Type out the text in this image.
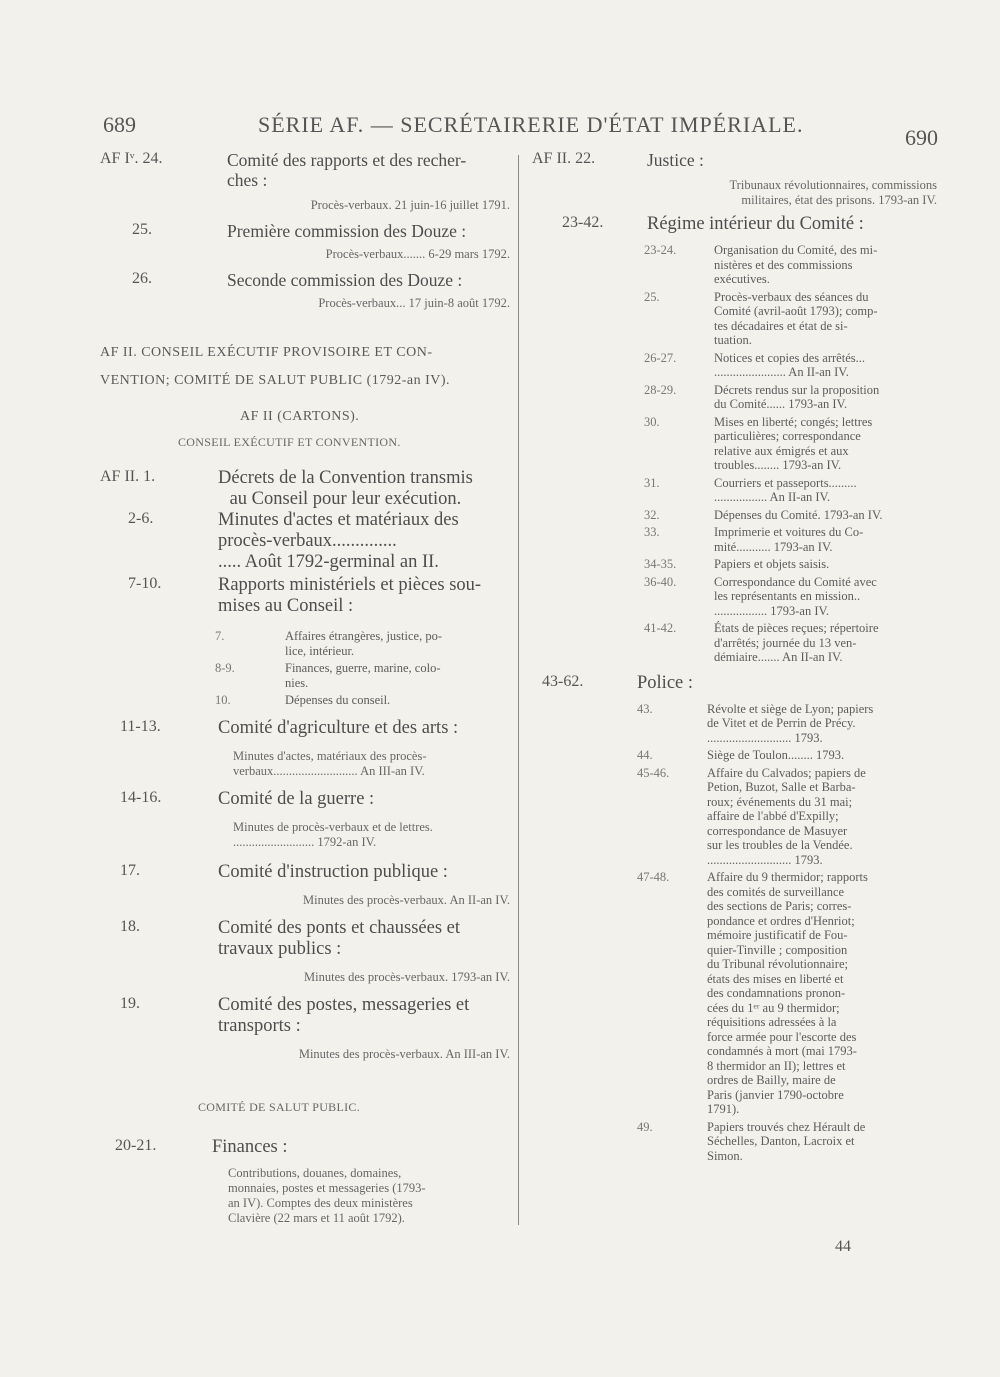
689	SÉRIE AF. — SECRÉTAIRERIE D'ÉTAT IMPÉRIALE.
690
AF Iᵛ. 24.	Comité des rapports et des recher-
ches :
Procès-verbaux. 21 juin-16 juillet 1791.
25.	Première commission des Douze :
Procès-verbaux....... 6-29 mars 1792.
26.	Seconde commission des Douze :
Procès-verbaux... 17 juin-8 août 1792.
AF II. CONSEIL EXÉCUTIF PROVISOIRE ET CON-
VENTION; COMITÉ DE SALUT PUBLIC (1792-an IV).
AF II (CARTONS).
CONSEIL EXÉCUTIF ET CONVENTION.
AF II. 1.	Décrets de la Convention transmis
au Conseil pour leur exécution.
2-6.	Minutes d'actes et matériaux des
procès-verbaux..............
..... Août 1792-germinal an II.
7-10.	Rapports ministériels et pièces sou-
mises au Conseil :
7.	Affaires étrangères, justice, po-
lice, intérieur.
8-9.	Finances, guerre, marine, colo-
nies.
10.	Dépenses du conseil.
11-13.	Comité d'agriculture et des arts :
Minutes d'actes, matériaux des procès-
verbaux........................... An III-an IV.
14-16.	Comité de la guerre :
Minutes de procès-verbaux et de lettres.
.......................... 1792-an IV.
17.	Comité d'instruction publique :
Minutes des procès-verbaux. An II-an IV.
18.	Comité des ponts et chaussées et
travaux publics :
Minutes des procès-verbaux. 1793-an IV.
19.	Comité des postes, messageries et
transports :
Minutes des procès-verbaux. An III-an IV.
COMITÉ DE SALUT PUBLIC.
20-21.	Finances :
Contributions, douanes, domaines,
monnaies, postes et messageries (1793-
an IV). Comptes des deux ministères
Clavière (22 mars et 11 août 1792).
AF II. 22.	Justice :
Tribunaux révolutionnaires, commissions
militaires, état des prisons. 1793-an IV.
23-42.	Régime intérieur du Comité :
23-24.	Organisation du Comité, des mi-
nistères et des commissions
exécutives.
25.	Procès-verbaux des séances du
Comité (avril-août 1793); comp-
tes décadaires et état de si-
tuation.
26-27.	Notices et copies des arrêtés...
....................... An II-an IV.
28-29.	Décrets rendus sur la proposition
du Comité...... 1793-an IV.
30.	Mises en liberté; congés; lettres
particulières; correspondance
relative aux émigrés et aux
troubles........ 1793-an IV.
31.	Courriers et passeports.........
................. An II-an IV.
32.	Dépenses du Comité. 1793-an IV.
33.	Imprimerie et voitures du Co-
mité........... 1793-an IV.
34-35.	Papiers et objets saisis.
36-40.	Correspondance du Comité avec
les représentants en mission..
................. 1793-an IV.
41-42.	États de pièces reçues; répertoire
d'arrêtés; journée du 13 ven-
démiaire....... An II-an IV.
43-62.	Police :
43.	Révolte et siège de Lyon; papiers
de Vitet et de Perrin de Précy.
........................... 1793.
44.	Siège de Toulon........ 1793.
45-46.	Affaire du Calvados; papiers de
Petion, Buzot, Salle et Barba-
roux; événements du 31 mai;
affaire de l'abbé d'Expilly;
correspondance de Masuyer
sur les troubles de la Vendée.
........................... 1793.
47-48.	Affaire du 9 thermidor; rapports
des comités de surveillance
des sections de Paris; corres-
pondance et ordres d'Henriot;
mémoire justificatif de Fou-
quier-Tinville ; composition
du Tribunal révolutionnaire;
états des mises en liberté et
des condamnations pronon-
cées du 1ᵉʳ au 9 thermidor;
réquisitions adressées à la
force armée pour l'escorte des
condamnés à mort (mai 1793-
8 thermidor an II); lettres et
ordres de Bailly, maire de
Paris (janvier 1790-octobre
1791).
49.	Papiers trouvés chez Hérault de
Séchelles, Danton, Lacroix et
Simon.
44
